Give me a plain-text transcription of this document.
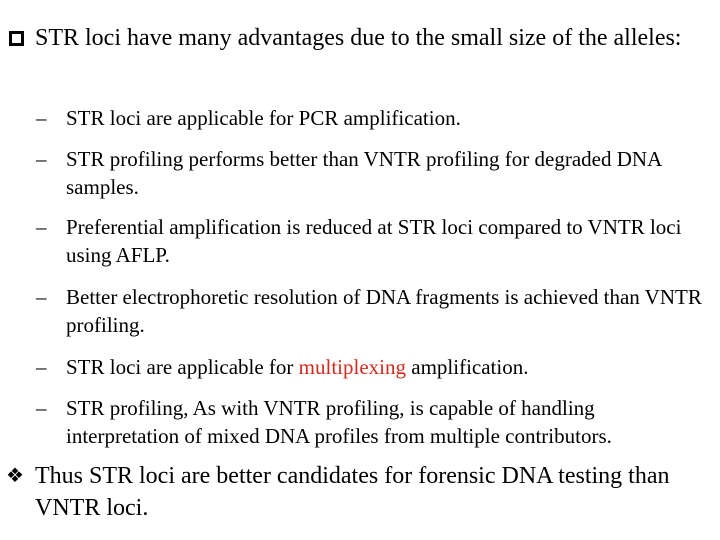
STR loci have many advantages due to the small size of the alleles:
– STR loci are applicable for PCR amplification.
– STR profiling performs better than VNTR profiling for degraded DNA samples.
– Preferential amplification is reduced at STR loci compared to VNTR loci using AFLP.
– Better electrophoretic resolution of DNA fragments is achieved than VNTR profiling.
– STR loci are applicable for multiplexing amplification.
– STR profiling, As with VNTR profiling, is capable of handling interpretation of mixed DNA profiles from multiple contributors.
❖ Thus STR loci are better candidates for forensic DNA testing than VNTR loci.
